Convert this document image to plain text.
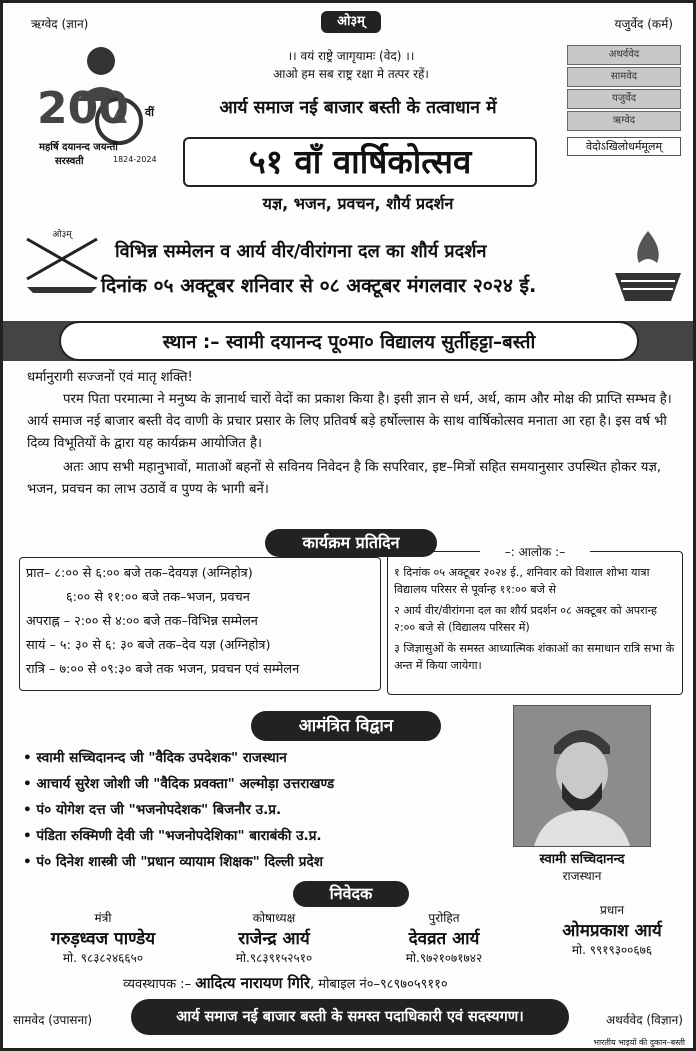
ऋग्वेद (ज्ञान)	यजुर्वेद (कर्म)
ओ३म्
।। वयं राष्ट्रे जागृयामः (वेद) ।।
आओ हम सब राष्ट्र रक्षा मे तत्पर रहें।
200 वीं
महर्षि दयानन्द जयन्ती
सरस्वती	1824-2024
अथर्ववेद
सामवेद
यजुर्वेद
ऋग्वेद
वेदोऽखिलोधर्ममूलम्
आर्य समाज नई बाजार बस्ती के तत्वाधान में
५१ वाँ वार्षिकोत्सव
यज्ञ, भजन, प्रवचन, शौर्य प्रदर्शन
ओ३म्
विभिन्न सम्मेलन व आर्य वीर/वीरांगना दल का शौर्य प्रदर्शन
दिनांक ०५ अक्टूबर शनिवार से ०८ अक्टूबर मंगलवार २०२४ ई.
स्थान :– स्वामी दयानन्द पू०मा० विद्यालय सुर्तीहट्टा–बस्ती
धर्मानुरागी सज्जनों एवं मातृ शक्ति!
परम पिता परमात्मा ने मनुष्य के ज्ञानार्थ चारों वेदों का प्रकाश किया है। इसी ज्ञान से धर्म, अर्थ, काम और मोक्ष की प्राप्ति सम्भव है। आर्य समाज नई बाजार बस्ती वेद वाणी के प्रचार प्रसार के लिए प्रतिवर्ष बड़े हर्षोल्लास के साथ वार्षिकोत्सव मनाता आ रहा है। इस वर्ष भी दिव्य विभूतियों के द्वारा यह कार्यक्रम आयोजित है।
अतः आप सभी महानुभावों, माताओं बहनों से सविनय निवेदन है कि सपरिवार, इष्ट–मित्रों सहित समयानुसार उपस्थित होकर यज्ञ, भजन, प्रवचन का लाभ उठावें व पुण्य के भागी बनें।
कार्यक्रम प्रतिदिन
प्रात– ८:०० से ६:०० बजे तक–देवयज्ञ (अग्निहोत्र)
६:०० से ११:०० बजे तक–भजन, प्रवचन
अपराह्न – २:०० से ४:०० बजे तक–विभिन्न सम्मेलन
सायं – ५: ३० से ६: ३० बजे तक–देव यज्ञ (अग्निहोत्र)
रात्रि – ७:०० से ०९:३० बजे तक भजन, प्रवचन एवं सम्मेलन
–: आलोक :–
१ दिनांक ०५ अक्टूबर २०२४ ई., शनिवार को विशाल शोभा यात्रा विद्यालय परिसर से पूर्वान्ह ११:०० बजे से
२ आर्य वीर/वीरांगना दल का शौर्य प्रदर्शन ०८ अक्टूबर को अपरान्ह २:०० बजे से (विद्यालय परिसर में)
३ जिज्ञासुओं के समस्त आध्यात्मिक शंकाओं का समाधान रात्रि सभा के अन्त में किया जायेगा।
आमंत्रित विद्वान
• स्वामी सच्चिदानन्द जी "वैदिक उपदेशक" राजस्थान
• आचार्य सुरेश जोशी जी "वैदिक प्रवक्ता" अल्मोड़ा उत्तराखण्ड
• पं० योगेश दत्त जी "भजनोपदेशक" बिजनौर उ.प्र.
• पंडिता रुक्मिणी देवी जी "भजनोपदेशिका" बाराबंकी उ.प्र.
• पं० दिनेश शास्त्री जी "प्रधान व्यायाम शिक्षक" दिल्ली प्रदेश	स्वामी सच्चिदानन्द
राजस्थान
निवेदक
मंत्री
गरुड़ध्वज पाण्डेय
मो. ९८३८२४६६५०
कोषाध्यक्ष
राजेन्द्र आर्य
मो.९८३९१५२५१०
पुरोहित
देवव्रत आर्य
मो.९७२१०७१७४२
प्रधान
ओमप्रकाश आर्य
मो. ९९१९३००६७६
व्यवस्थापक :– आदित्य नारायण गिरि, मोबाइल नं०–९८९७०५९११०
सामवेद (उपासना)	अथर्ववेद (विज्ञान)
आर्य समाज नई बाजार बस्ती के समस्त पदाधिकारी एवं सदस्यगण।
भारतीय भाइयों की दुकान–बस्ती
